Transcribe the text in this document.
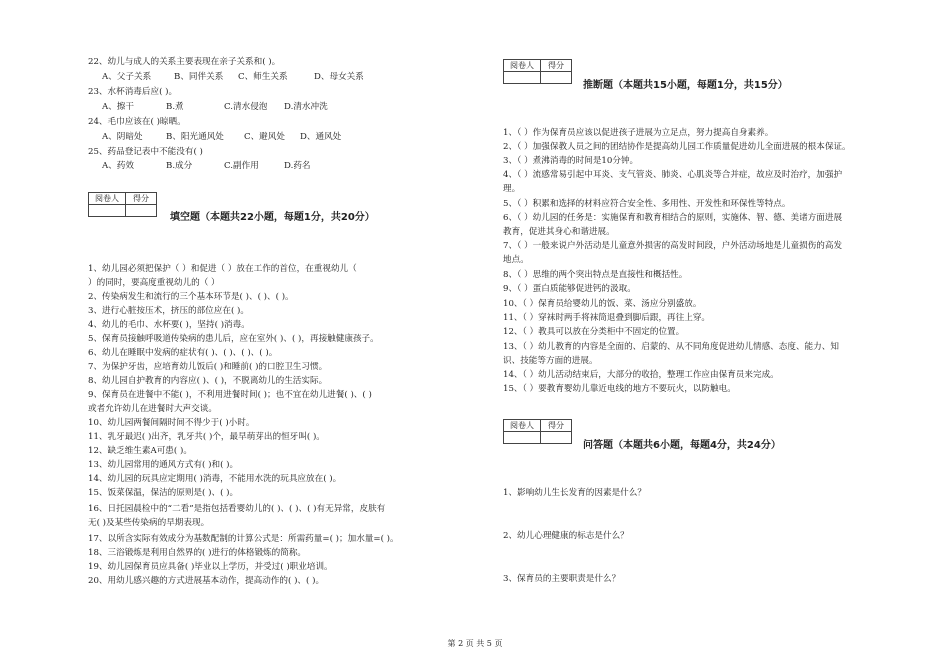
22、幼儿与成人的关系主要表现在亲子关系和( )。
A、父子关系	B、同伴关系 C、师生关系	D、母女关系
23、水杯消毒后应( )。
A、擦干	B.煮	C.清水侵泡 D.清水冲洗
24、毛巾应该在( )晾晒。
A、阴暗处	B、阳光通风处 C、避风处 D、通风处
25、药品登记表中不能没有( )
A、药效	B.成分	C.副作用	D.药名
阅卷人	得分

填空题（本题共22小题，每题1分，共20分）
1、幼儿园必须把保护（ ）和促进（ ）放在工作的首位，在重视幼儿（
）的同时，要高度重视幼儿的（ ）
2、传染病发生和流行的三个基本环节是( )、( )、( )。
3、进行心脏按压术，挤压的部位应在( )。
4、幼儿的毛巾、水杯要( )，坚持( )消毒。
5、保育员接触呼吸道传染病的患儿后，应在室外( )、( )，再接触健康孩子。
6、幼儿在睡眠中发病的症状有( )、( )、( )、( )。
7、为保护牙齿，应培育幼儿饭后( )和睡前( )的口腔卫生习惯。
8、幼儿园自护教育的内容应( )、( )，不脱离幼儿的生活实际。
9、保育员在进餐中不能( )，不利用进餐时间( )；也不宜在幼儿进餐( )、( )
或者允许幼儿在进餐时大声交谈。
10、幼儿园两餐间隔时间不得少于( )小时。
11、乳牙最迟( )出齐，乳牙共( )个，最早萌芽出的恒牙叫( )。
12、缺乏维生素A可患( )。
13、幼儿园常用的通风方式有( )和( )。
14、幼儿园的玩具应定期用( )消毒，不能用水洗的玩具应放在( )。
15、饭菜保温，保洁的原则是( )、( )。
16、日托园晨检中的“二看”是指包括看婴幼儿的( )、( )、( )有无异常，皮肤有
无( )及某些传染病的早期表现。
17、以所含实际有效成分为基数配制的计算公式是：所需药量=( )；加水量=( )。
18、三浴锻炼是利用自然界的( )进行的体格锻炼的简称。
19、幼儿园保育员应具备( )毕业以上学历，并受过( )职业培训。
20、用幼儿感兴趣的方式进展基本动作，提高动作的( )、( )。
阅卷人	得分

推断题（本题共15小题，每题1分，共15分）
1、（ ）作为保育员应该以促进孩子进展为立足点，努力提高自身素养。
2、（ ）加强保教人员之间的团结协作是提高幼儿园工作质量促进幼儿全面进展的根本保证。
3、（ ）煮沸消毒的时间是10分钟。
4、（ ）流感常易引起中耳炎、支气管炎、肺炎、心肌炎等合并症，故应及时治疗，加强护
理。
5、（ ）积累和选择的材料应符合安全性、多用性、开发性和环保性等特点。
6、（ ）幼儿园的任务是：实施保育和教育相结合的原则，实施体、智、德、美诸方面进展
教育，促进其身心和谐进展。
7、（ ）一般来说户外活动是儿童意外损害的高发时间段，户外活动场地是儿童损伤的高发
地点。
8、（ ）思维的两个突出特点是直接性和概括性。
9、（ ）蛋白质能够促进钙的汲取。
10、（ ）保育员给婴幼儿的饭、菜、汤应分别盛放。
11、（ ）穿袜时两手将袜筒退叠到脚后跟，再往上穿。
12、（ ）教具可以放在分类柜中不固定的位置。
13、（ ）幼儿教育的内容是全面的、启蒙的、从不同角度促进幼儿情感、态度、能力、知
识、技能等方面的进展。
14、（ ）幼儿活动结束后，大部分的收拾，整理工作应由保育员来完成。
15、（ ）要教育婴幼儿靠近电线的地方不要玩火，以防触电。
阅卷人	得分

问答题（本题共6小题，每题4分，共24分）
1、影响幼儿生长发育的因素是什么？
2、幼儿心理健康的标志是什么？
3、保育员的主要职责是什么？
第 2 页 共 5 页
